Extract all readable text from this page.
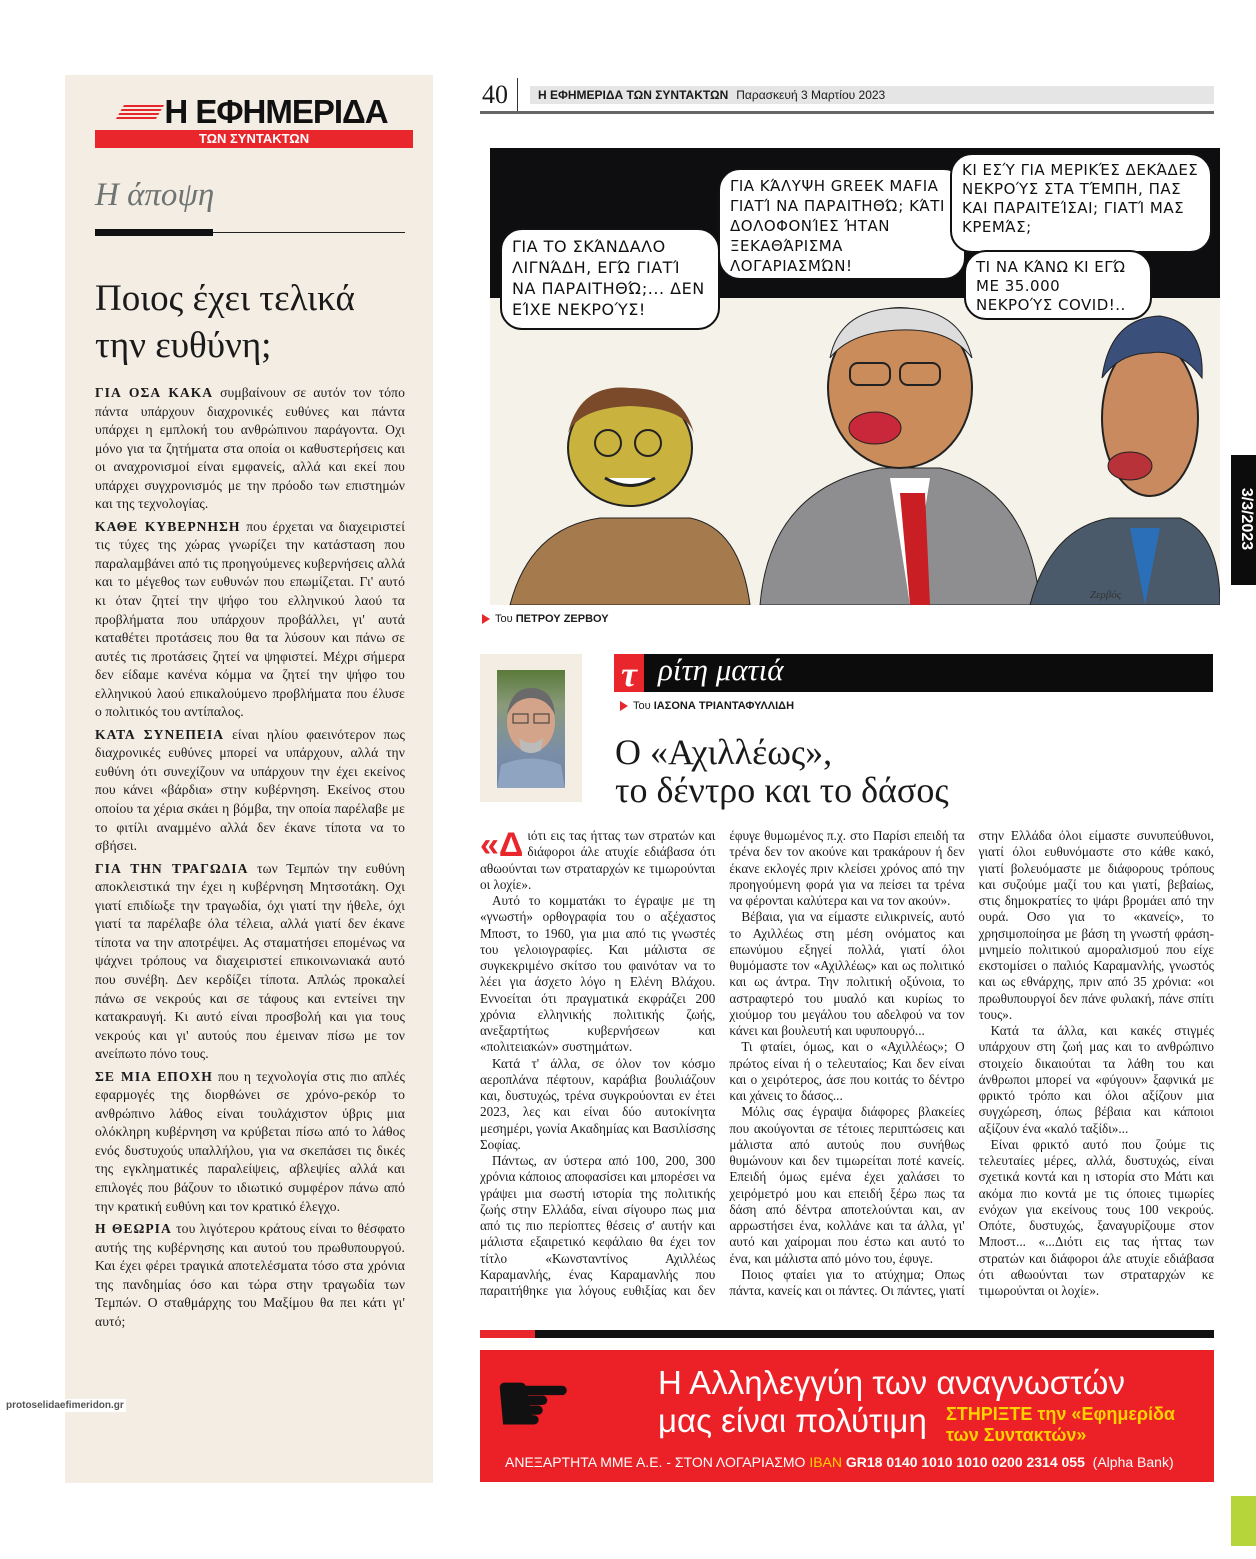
Η ΕΦΗΜΕΡΙΔΑ
ΤΩΝ ΣΥΝΤΑΚΤΩΝ
Η άποψη
Ποιος έχει τελικά την ευθύνη;

ΓΙΑ ΟΣΑ ΚΑΚΑ συμβαίνουν σε αυτόν τον τόπο πάντα υπάρχουν διαχρονικές ευθύνες και πάντα υπάρχει η εμπλοκή του ανθρώπινου παράγοντα. Οχι μόνο για τα ζητήματα στα οποία οι καθυστερήσεις και οι αναχρονισμοί είναι εμφανείς, αλλά και εκεί που υπάρχει συγχρονισμός με την πρόοδο των επιστημών και της τεχνολογίας.

ΚΑΘΕ ΚΥΒΕΡΝΗΣΗ που έρχεται να διαχειριστεί τις τύχες της χώρας γνωρίζει την κατάσταση που παραλαμβάνει από τις προηγούμενες κυβερνήσεις αλλά και το μέγεθος των ευθυνών που επωμίζεται. Γι' αυτό κι όταν ζητεί την ψήφο του ελληνικού λαού τα προβλήματα που υπάρχουν προβάλλει, γι' αυτά καταθέτει προτάσεις που θα τα λύσουν και πάνω σε αυτές τις προτάσεις ζητεί να ψηφιστεί. Μέχρι σήμερα δεν είδαμε κανένα κόμμα να ζητεί την ψήφο του ελληνικού λαού επικαλούμενο προβλήματα που έλυσε ο πολιτικός του αντίπαλος.

ΚΑΤΑ ΣΥΝΕΠΕΙΑ είναι ηλίου φαεινότερον πως διαχρονικές ευθύνες μπορεί να υπάρχουν, αλλά την ευθύνη ότι συνεχίζουν να υπάρχουν την έχει εκείνος που κάνει «βάρδια» στην κυβέρνηση. Εκείνος στου οποίου τα χέρια σκάει η βόμβα, την οποία παρέλαβε με το φιτίλι αναμμένο αλλά δεν έκανε τίποτα να το σβήσει.

ΓΙΑ ΤΗΝ ΤΡΑΓΩΔΙΑ των Τεμπών την ευθύνη αποκλειστικά την έχει η κυβέρνηση Μητσοτάκη. Οχι γιατί επιδίωξε την τραγωδία, όχι γιατί την ήθελε, όχι γιατί τα παρέλαβε όλα τέλεια, αλλά γιατί δεν έκανε τίποτα να την αποτρέψει. Ας σταματήσει επομένως να ψάχνει τρόπους να διαχειριστεί επικοινωνιακά αυτό που συνέβη. Δεν κερδίζει τίποτα. Απλώς προκαλεί πάνω σε νεκρούς και σε τάφους και εντείνει την κατακραυγή. Κι αυτό είναι προσβολή και για τους νεκρούς και γι' αυτούς που έμειναν πίσω με τον ανείπωτο πόνο τους.

ΣΕ ΜΙΑ ΕΠΟΧΗ που η τεχνολογία στις πιο απλές εφαρμογές της διορθώνει σε χρόνο-ρεκόρ το ανθρώπινο λάθος είναι τουλάχιστον ύβρις μια ολόκληρη κυβέρνηση να κρύβεται πίσω από το λάθος ενός δυστυχούς υπαλλήλου, για να σκεπάσει τις δικές της εγκληματικές παραλείψεις, αβλεψίες αλλά και επιλογές που βάζουν το ιδιωτικό συμφέρον πάνω από την κρατική ευθύνη και τον κρατικό έλεγχο.

Η ΘΕΩΡΙΑ του λιγότερου κράτους είναι το θέσφατο αυτής της κυβέρνησης και αυτού του πρωθυπουργού. Και έχει φέρει τραγικά αποτελέσματα τόσο στα χρόνια της πανδημίας όσο και τώρα στην τραγωδία των Τεμπών. Ο σταθμάρχης του Μαξίμου θα πει κάτι γι' αυτό;

protoselidaefimeridon.gr
40	Η ΕΦΗΜΕΡΙΔΑ ΤΩΝ ΣΥΝΤΑΚΤΩΝ Παρασκευή 3 Μαρτίου 2023
ΓΙΑ ΤΟ ΣΚΆΝΔΑΛΟ ΛΙΓΝΆΔΗ, ΕΓΏ ΓΙΑΤΊ ΝΑ ΠΑΡΑΙΤΗΘΏ;... ΔΕΝ ΕΊΧΕ ΝΕΚΡΟΎΣ!
ΓΙΑ ΚΆΛΥΨΗ GREEK MAFIA ΓΙΑΤΊ ΝΑ ΠΑΡΑΙΤΗΘΏ; ΚΆΤΙ ΔΟΛΟΦΟΝΊΕΣ ΉΤΑΝ ΞΕΚΑΘΆΡΙΣΜΑ ΛΟΓΑΡΙΑΣΜΏΝ!
ΚΙ ΕΣΎ ΓΙΑ ΜΕΡΙΚΈΣ ΔΕΚΆΔΕΣ ΝΕΚΡΟΎΣ ΣΤΑ ΤΈΜΠΗ, ΠΑΣ ΚΑΙ ΠΑΡΑΙΤΕΊΣΑΙ; ΓΙΑΤΊ ΜΑΣ ΚΡΕΜΆΣ;
ΤΙ ΝΑ ΚΆΝΩ ΚΙ ΕΓΏ ΜΕ 35.000 ΝΕΚΡΟΎΣ COVID!..
Ζερβός
Του ΠΕΤΡΟΥ ΖΕΡΒΟΥ
τ ρίτη ματιά
Του ΙΑΣΟΝΑ ΤΡΙΑΝΤΑΦΥΛΛΙΔΗ
Ο «Αχιλλέως»,
το δέντρο και το δάσος

«Διότι εις τας ήττας των στρατών και διάφοροι άλε ατυχίε εδιάβασα ότι αθωούνται των στραταρχών κε τιμωρούνται οι λοχίε».

Αυτό το κομματάκι το έγραψε με τη «γνωστή» ορθογραφία του ο αξέχαστος Μποστ, το 1960, για μια από τις γνωστές του γελοιογραφίες. Και μάλιστα σε συγκεκριμένο σκίτσο του φαινόταν να το λέει για άσχετο λόγο η Ελένη Βλάχου. Εννοείται ότι πραγματικά εκφράζει 200 χρόνια ελληνικής πολιτικής ζωής, ανεξαρτήτως κυβερνήσεων και «πολιτειακών» συστημάτων.

Κατά τ' άλλα, σε όλον τον κόσμο αεροπλάνα πέφτουν, καράβια βουλιάζουν και, δυστυχώς, τρένα συγκρούονται εν έτει 2023, λες και είναι δύο αυτοκίνητα μεσημέρι, γωνία Ακαδημίας και Βασιλίσσης Σοφίας.

Πάντως, αν ύστερα από 100, 200, 300 χρόνια κάποιος αποφασίσει και μπορέσει να γράψει μια σωστή ιστορία της πολιτικής ζωής στην Ελλάδα, είναι σίγουρο πως μια από τις πιο περίοπτες θέσεις σ' αυτήν και μάλιστα εξαιρετικό κεφάλαιο θα έχει τον τίτλο «Κωνσταντίνος Αχιλλέως Καραμανλής, ένας Καραμανλής που παραιτήθηκε για λόγους ευθιξίας και δεν έφυγε θυμωμένος π.χ. στο Παρίσι επειδή τα τρένα δεν τον ακούνε και τρακάρουν ή δεν έκανε εκλογές πριν κλείσει χρόνος από την προηγούμενη φορά για να πείσει τα τρένα να φέρονται καλύτερα και να τον ακούν».

Βέβαια, για να είμαστε ειλικρινείς, αυτό το Αχιλλέως στη μέση ονόματος και επωνύμου εξηγεί πολλά, γιατί όλοι θυμόμαστε τον «Αχιλλέως» και ως πολιτικό και ως άντρα. Την πολιτική οξύνοια, το αστραφτερό του μυαλό και κυρίως το χιούμορ του μεγάλου του αδελφού να τον κάνει και βουλευτή και υφυπουργό...

Τι φταίει, όμως, και ο «Αχιλλέως»; Ο πρώτος είναι ή ο τελευταίος; Και δεν είναι και ο χειρότερος, άσε που κοιτάς το δέντρο και χάνεις το δάσος...

Μόλις σας έγραψα διάφορες βλακείες που ακούγονται σε τέτοιες περιπτώσεις και μάλιστα από αυτούς που συνήθως θυμώνουν και δεν τιμωρείται ποτέ κανείς. Επειδή όμως εμένα έχει χαλάσει το χειρόμετρό μου και επειδή ξέρω πως τα δάση από δέντρα αποτελούνται και, αν αρρωστήσει ένα, κολλάνε και τα άλλα, γι' αυτό και χαίρομαι που έστω και αυτό το ένα, και μάλιστα από μόνο του, έφυγε.

Ποιος φταίει για το ατύχημα; Οπως πάντα, κανείς και οι πάντες. Οι πάντες, γιατί στην Ελλάδα όλοι είμαστε συνυπεύθυνοι, γιατί όλοι ευθυνόμαστε στο κάθε κακό, γιατί βολευόμαστε με διάφορους τρόπους και συζούμε μαζί του και γιατί, βεβαίως, στις δημοκρατίες το ψάρι βρομάει από την ουρά. Οσο για το «κανείς», το χρησιμοποίησα με βάση τη γνωστή φράση-μνημείο πολιτικού αμοραλισμού που είχε εκστομίσει ο παλιός Καραμανλής, γνωστός και ως εθνάρχης, πριν από 35 χρόνια: «οι πρωθυπουργοί δεν πάνε φυλακή, πάνε σπίτι τους».

Κατά τα άλλα, και κακές στιγμές υπάρχουν στη ζωή μας και το ανθρώπινο στοιχείο δικαιούται τα λάθη του και άνθρωποι μπορεί να «φύγουν» ξαφνικά με φρικτό τρόπο και όλοι αξίζουν μια συγχώρεση, όπως βέβαια και κάποιοι αξίζουν ένα «καλό ταξίδι»...

Είναι φρικτό αυτό που ζούμε τις τελευταίες μέρες, αλλά, δυστυχώς, είναι σχετικά κοντά και η ιστορία στο Μάτι και ακόμα πιο κοντά με τις όποιες τιμωρίες ενόχων για εκείνους τους 100 νεκρούς. Οπότε, δυστυχώς, ξαναγυρίζουμε στον Μποστ... «...Διότι εις τας ήττας των στρατών και διάφοροι άλε ατυχίε εδιάβασα ότι αθωούνται των στραταρχών κε τιμωρούνται οι λοχίε».

☛	Η Αλληλεγγύη των αναγνωστών
μας είναι πολύτιμη ΣΤΗΡΙΞΤΕ την «Εφημερίδα των Συντακτών»
ΑΝΕΞΑΡΤΗΤΑ ΜΜΕ Α.Ε. - ΣΤΟΝ ΛΟΓΑΡΙΑΣΜΟ IBAN GR18 0140 1010 1010 0200 2314 055 (Alpha Bank)
3/3/2023
